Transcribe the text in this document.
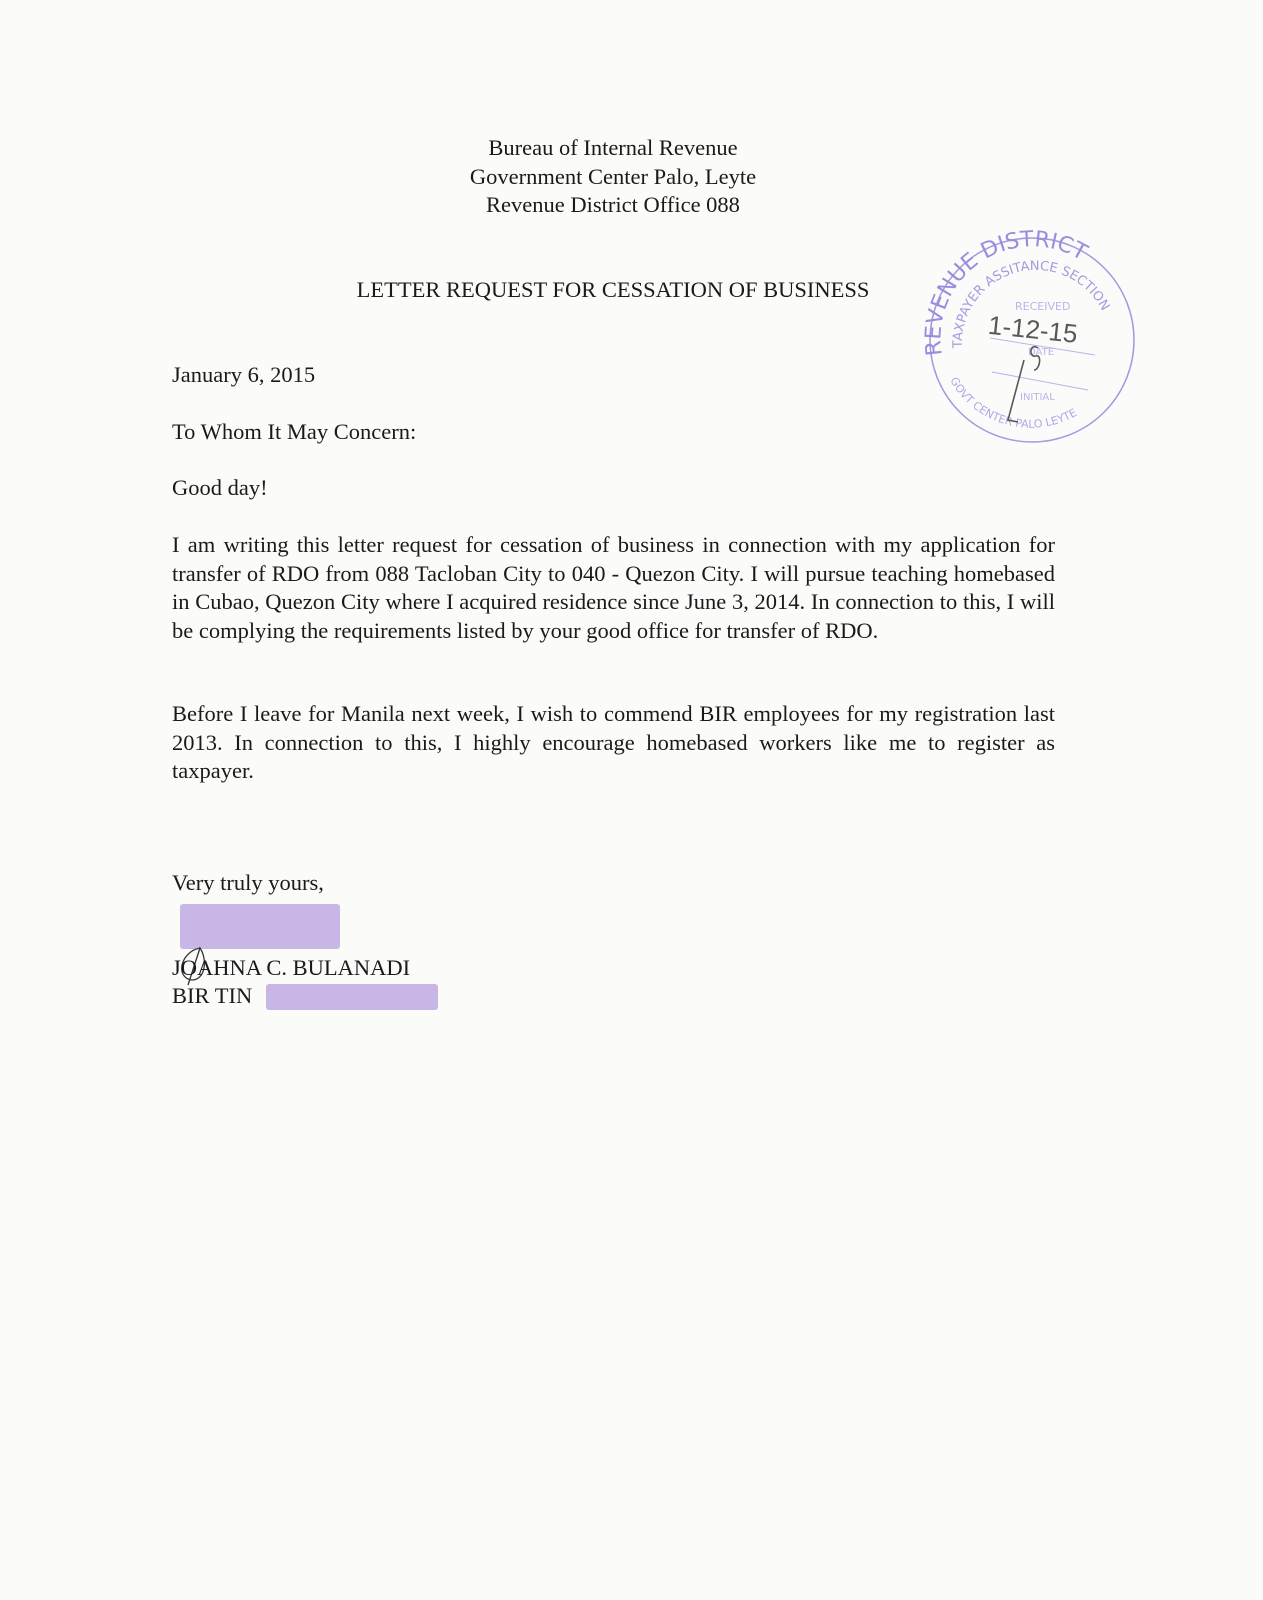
Bureau of Internal Revenue
Government Center Palo, Leyte
Revenue District Office 088
LETTER REQUEST FOR CESSATION OF BUSINESS
January 6, 2015
To Whom It May Concern:
Good day!
I am writing this letter request for cessation of business in connection with my application for transfer of RDO from 088 Tacloban City to 040 - Quezon City. I will pursue teaching homebased in Cubao, Quezon City where I acquired residence since June 3, 2014. In connection to this, I will be complying the requirements listed by your good office for transfer of RDO.
Before I leave for Manila next week, I wish to commend BIR employees for my registration last 2013. In connection to this, I highly encourage homebased workers like me to register as taxpayer.
Very truly yours,
JOAHNA C. BULANADI
BIR TIN
REVENUE DISTRICT
TAXPAYER ASSITANCE SECTION
GOVT CENTER PALO LEYTE
RECEIVED
DATE
INITIAL
1-12-15
